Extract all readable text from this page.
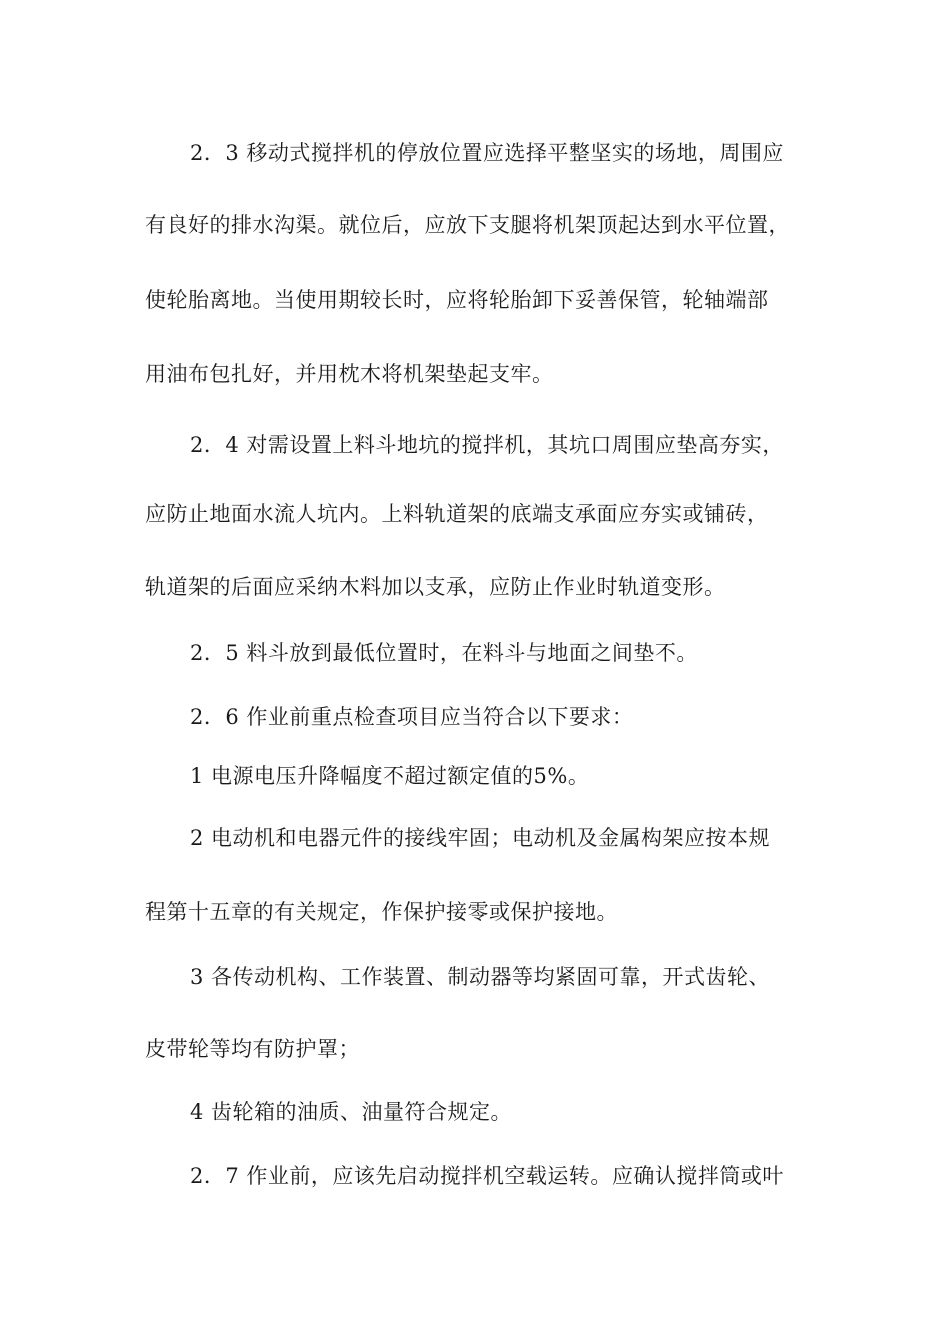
2．3 移动式搅拌机的停放位置应选择平整坚实的场地，周围应
有良好的排水沟渠。就位后，应放下支腿将机架顶起达到水平位置，
使轮胎离地。当使用期较长时，应将轮胎卸下妥善保管，轮轴端部
用油布包扎好，并用枕木将机架垫起支牢。
2．4 对需设置上料斗地坑的搅拌机，其坑口周围应垫高夯实，
应防止地面水流人坑内。上料轨道架的底端支承面应夯实或铺砖，
轨道架的后面应采纳木料加以支承，应防止作业时轨道变形。
2．5 料斗放到最低位置时，在料斗与地面之间垫不。
2．6 作业前重点检查项目应当符合以下要求：
1 电源电压升降幅度不超过额定值的5%。
2 电动机和电器元件的接线牢固；电动机及金属构架应按本规
程第十五章的有关规定，作保护接零或保护接地。
3 各传动机构、工作装置、制动器等均紧固可靠，开式齿轮、
皮带轮等均有防护罩；
4 齿轮箱的油质、油量符合规定。
2．7 作业前，应该先启动搅拌机空载运转。应确认搅拌筒或叶
